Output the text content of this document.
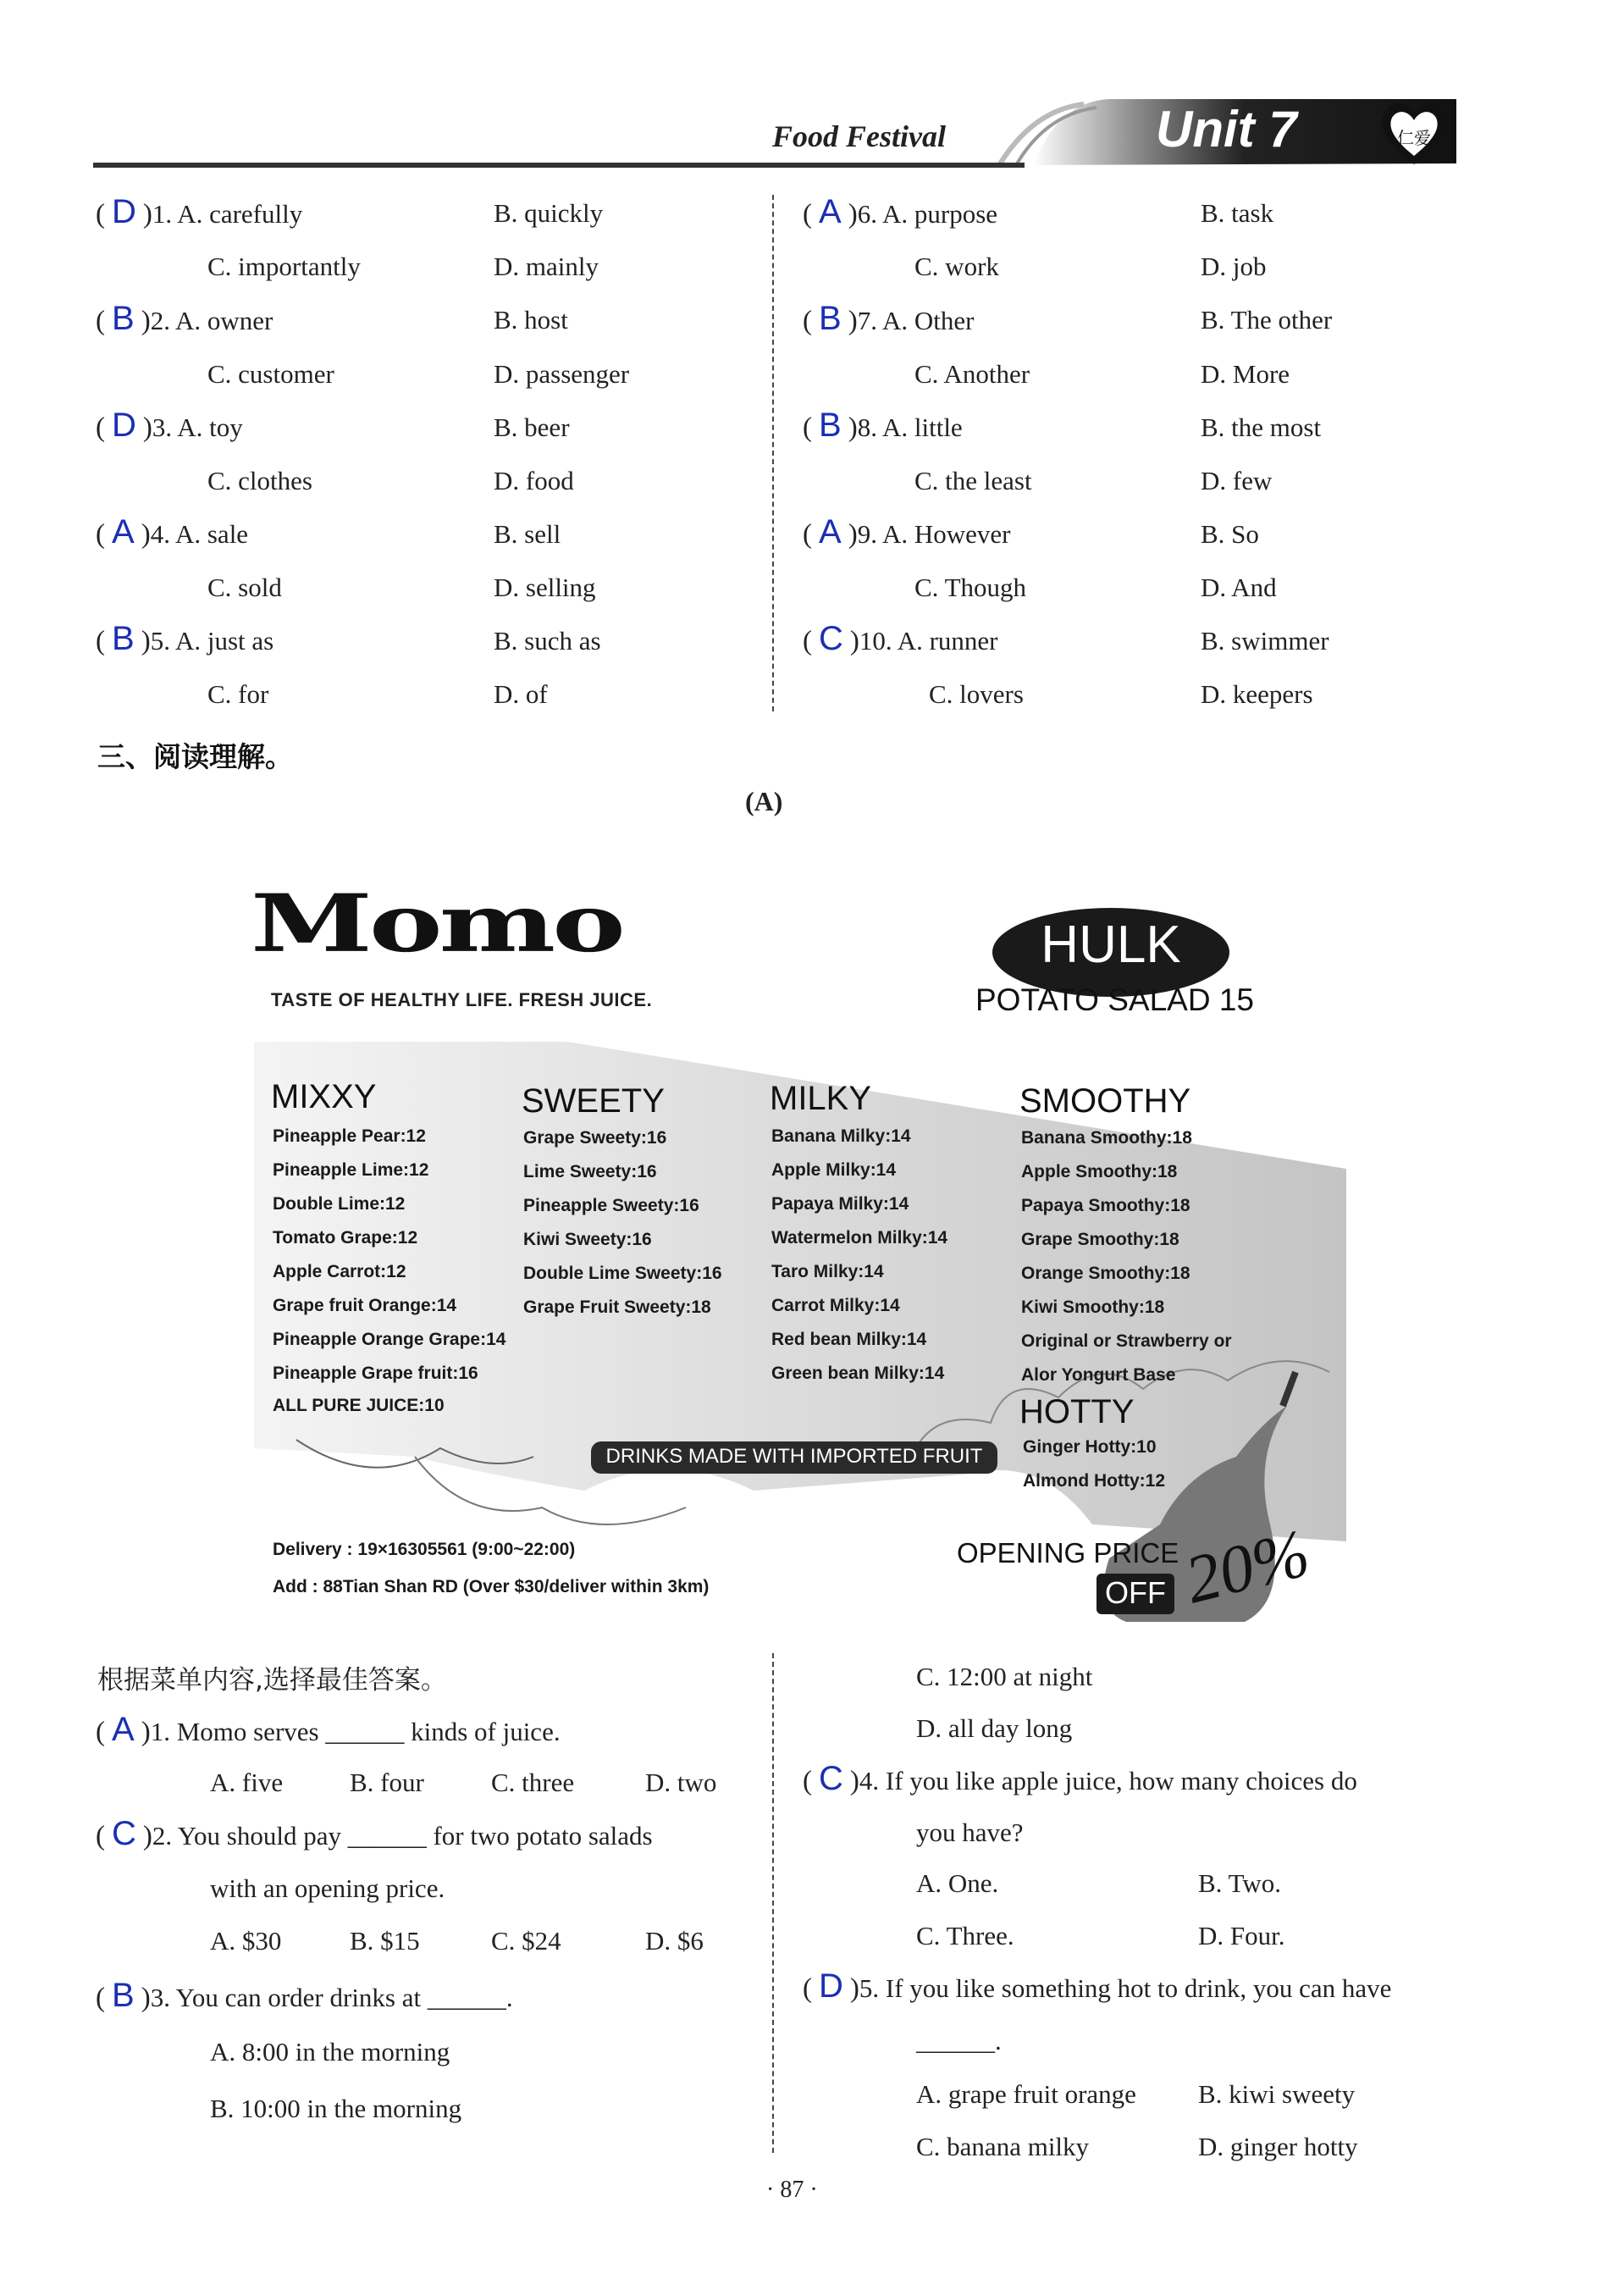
Food Festival	Unit 7	仁爱
( D )1. A. carefully	B. quickly
C. importantly	D. mainly
( B )2. A. owner	B. host
C. customer	D. passenger
( D )3. A. toy	B. beer
C. clothes	D. food
( A )4. A. sale	B. sell
C. sold	D. selling
( B )5. A. just as	B. such as
C. for	D. of
( A )6. A. purpose	B. task
C. work	D. job
( B )7. A. Other	B. The other
C. Another	D. More
( B )8. A. little	B. the most
C. the least	D. few
( A )9. A. However	B. So
C. Though	D. And
( C )10. A. runner	B. swimmer
C. lovers	D. keepers
三、阅读理解。
(A)
Momo
TASTE OF HEALTHY LIFE. FRESH JUICE.
HULK
POTATO SALAD 15
MIXXY
Pineapple Pear:12
Pineapple Lime:12
Double Lime:12
Tomato Grape:12
Apple Carrot:12
Grape fruit Orange:14
Pineapple Orange Grape:14
Pineapple Grape fruit:16
ALL PURE JUICE:10
SWEETY
Grape Sweety:16
Lime Sweety:16
Pineapple Sweety:16
Kiwi Sweety:16
Double Lime Sweety:16
Grape Fruit Sweety:18
MILKY
Banana Milky:14
Apple Milky:14
Papaya Milky:14
Watermelon Milky:14
Taro Milky:14
Carrot Milky:14
Red bean Milky:14
Green bean Milky:14
SMOOTHY
Banana Smoothy:18
Apple Smoothy:18
Papaya Smoothy:18
Grape Smoothy:18
Orange Smoothy:18
Kiwi Smoothy:18
Original or Strawberry or
Alor Yongurt Base
HOTTY
Ginger Hotty:10
Almond Hotty:12
DRINKS MADE WITH IMPORTED FRUIT
Delivery : 19×16305561 (9:00~22:00)
Add : 88Tian Shan RD (Over $30/deliver within 3km)
OPENING PRICE
OFF 20%
根据菜单内容,选择最佳答案。
( A )1. Momo serves ______ kinds of juice.
A. five	B. four	C. three	D. two
( C )2. You should pay ______ for two potato salads
with an opening price.
A. $30	B. $15	C. $24	D. $6
( B )3. You can order drinks at ______.
A. 8:00 in the morning
B. 10:00 in the morning
C. 12:00 at night
D. all day long
( C )4. If you like apple juice, how many choices do
you have?
A. One.	B. Two.
C. Three.	D. Four.
( D )5. If you like something hot to drink, you can have
______.
A. grape fruit orange B. kiwi sweety
C. banana milky	D. ginger hotty
· 87 ·
